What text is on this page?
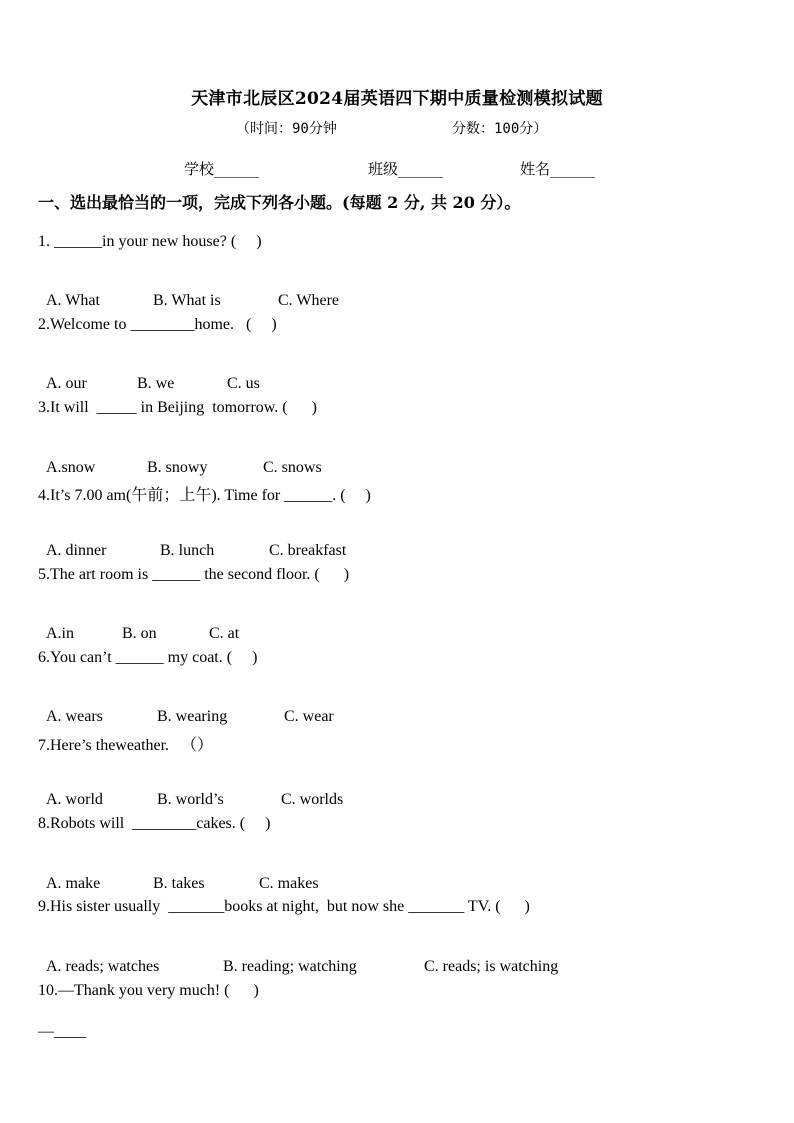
天津市北辰区2024届英语四下期中质量检测模拟试题
（时间：90分钟	分数：100分）
学校______	班级______	姓名______
一、选出最恰当的一项，完成下列各小题。(每题 2 分, 共 20 分）。
1. ______in your new house? (     )

A. What	B. What is	C. Where

2.Welcome to ________home.   (     )

A. our	B. we	C. us

3.It will  _____ in Beijing  tomorrow. (      )

A.snow	B. snowy	C. snows

4.It’s 7.00 am(午前；上午). Time for ______. (     )

A. dinner	B. lunch	C. breakfast

5.The art room is ______ the second floor. (      )

A.in	B. on	C. at

6.You can’t ______ my coat. (     )

A. wears	B. wearing	C. wear

7.Here’s theweather.   （）

A. world	B. world’s	C. worlds

8.Robots will  ________cakes. (     )

A. make	B. takes	C. makes

9.His sister usually  _______books at night,  but now she _______ TV. (      )

A. reads; watches	B. reading; watching	C. reads; is watching

10.—Thank you very much! (      )
—____
